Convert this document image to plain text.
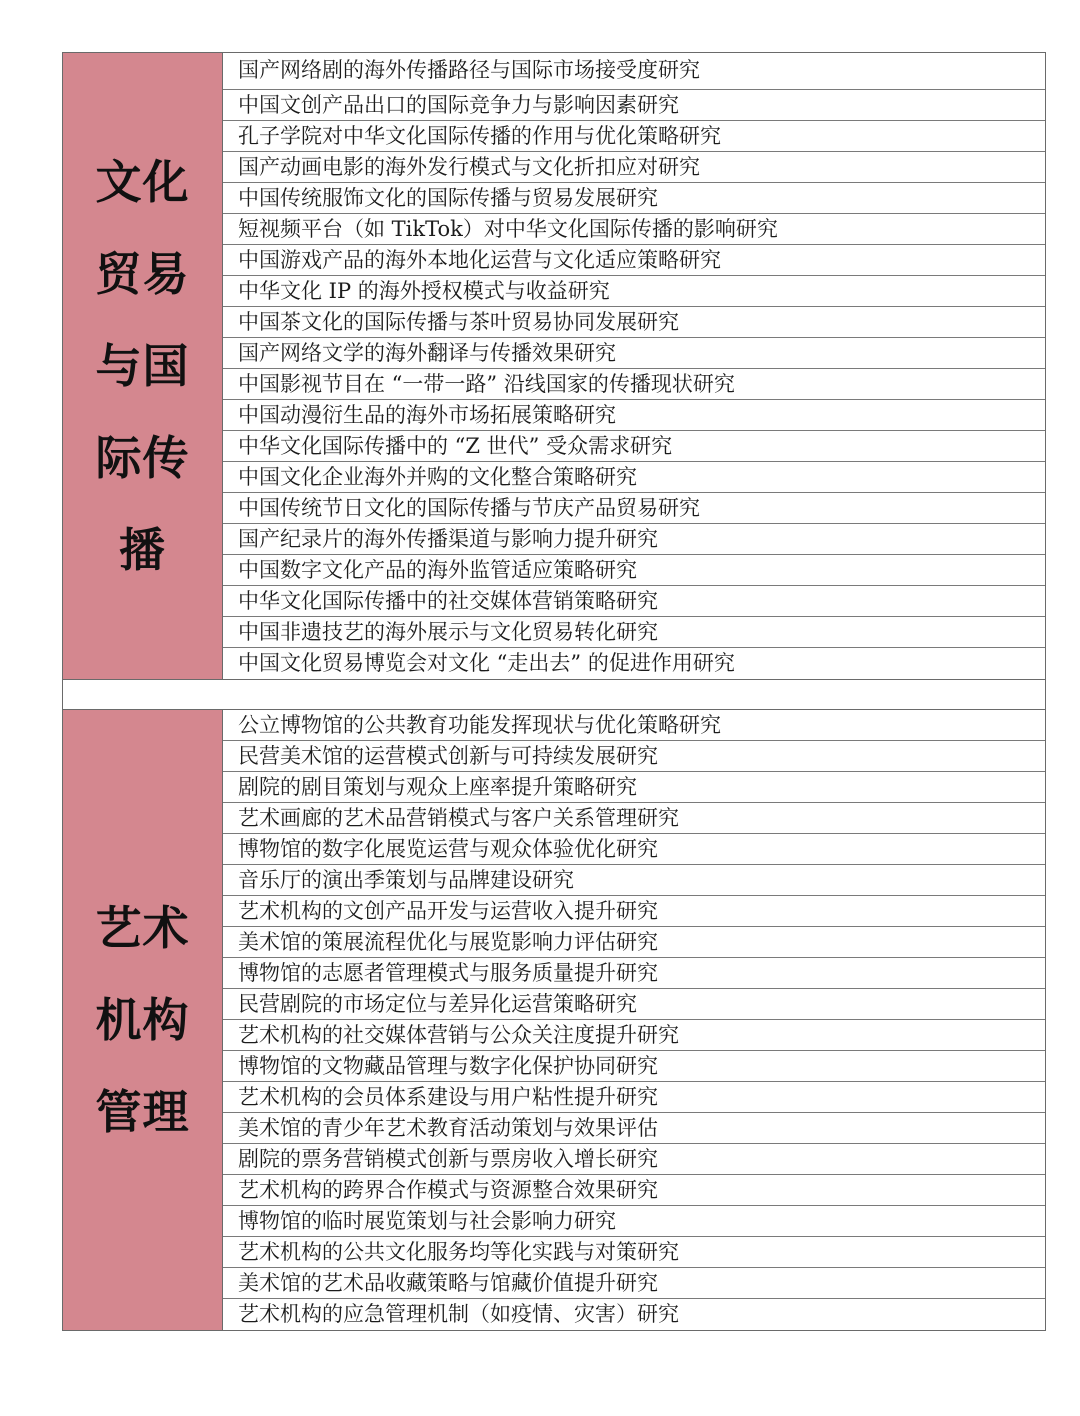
文化贸易与国际传播
国产网络剧的海外传播路径与国际市场接受度研究
中国文创产品出口的国际竞争力与影响因素研究
孔子学院对中华文化国际传播的作用与优化策略研究
国产动画电影的海外发行模式与文化折扣应对研究
中国传统服饰文化的国际传播与贸易发展研究
短视频平台（如 TikTok）对中华文化国际传播的影响研究
中国游戏产品的海外本地化运营与文化适应策略研究
中华文化 IP 的海外授权模式与收益研究
中国茶文化的国际传播与茶叶贸易协同发展研究
国产网络文学的海外翻译与传播效果研究
中国影视节目在 “一带一路” 沿线国家的传播现状研究
中国动漫衍生品的海外市场拓展策略研究
中华文化国际传播中的 “Z 世代” 受众需求研究
中国文化企业海外并购的文化整合策略研究
中国传统节日文化的国际传播与节庆产品贸易研究
国产纪录片的海外传播渠道与影响力提升研究
中国数字文化产品的海外监管适应策略研究
中华文化国际传播中的社交媒体营销策略研究
中国非遗技艺的海外展示与文化贸易转化研究
中国文化贸易博览会对文化 “走出去” 的促进作用研究
艺术机构管理
公立博物馆的公共教育功能发挥现状与优化策略研究
民营美术馆的运营模式创新与可持续发展研究
剧院的剧目策划与观众上座率提升策略研究
艺术画廊的艺术品营销模式与客户关系管理研究
博物馆的数字化展览运营与观众体验优化研究
音乐厅的演出季策划与品牌建设研究
艺术机构的文创产品开发与运营收入提升研究
美术馆的策展流程优化与展览影响力评估研究
博物馆的志愿者管理模式与服务质量提升研究
民营剧院的市场定位与差异化运营策略研究
艺术机构的社交媒体营销与公众关注度提升研究
博物馆的文物藏品管理与数字化保护协同研究
艺术机构的会员体系建设与用户粘性提升研究
美术馆的青少年艺术教育活动策划与效果评估
剧院的票务营销模式创新与票房收入增长研究
艺术机构的跨界合作模式与资源整合效果研究
博物馆的临时展览策划与社会影响力研究
艺术机构的公共文化服务均等化实践与对策研究
美术馆的艺术品收藏策略与馆藏价值提升研究
艺术机构的应急管理机制（如疫情、灾害）研究
